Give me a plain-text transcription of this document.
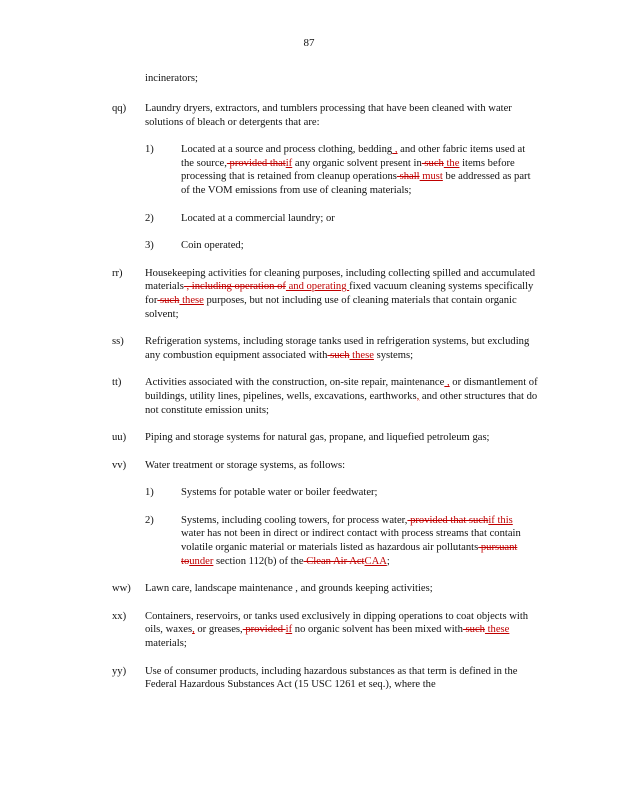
87
incinerators;
qq) Laundry dryers, extractors, and tumblers processing that have been cleaned with water solutions of bleach or detergents that are:
1)	Located at a source and process clothing, bedding , and other fabric items used at the source, provided thatif any organic solvent present in such the items before processing that is retained from cleanup operations shall must be addressed as part of the VOM emissions from use of cleaning materials;
2)	Located at a commercial laundry; or
3)	Coin operated;
rr) Housekeeping activities for cleaning purposes, including collecting spilled and accumulated materials , including operation of and operating fixed vacuum cleaning systems specifically for such these purposes, but not including use of cleaning materials that contain organic solvent;
ss) Refrigeration systems, including storage tanks used in refrigeration systems, but excluding any combustion equipment associated with such these systems;
tt) Activities associated with the construction, on-site repair, maintenance , or dismantlement of buildings, utility lines, pipelines, wells, excavations, earthworks, and other structures that do not constitute emission units;
uu) Piping and storage systems for natural gas, propane, and liquefied petroleum gas;
vv) Water treatment or storage systems, as follows:
1)	Systems for potable water or boiler feedwater;
2)	Systems, including cooling towers, for process water, provided that suchif this water has not been in direct or indirect contact with process streams that contain volatile organic material or materials listed as hazardous air pollutants pursuant tounder section 112(b) of the Clean Air ActCAA;
ww) Lawn care, landscape maintenance , and grounds keeping activities;
xx) Containers, reservoirs, or tanks used exclusively in dipping operations to coat objects with oils, waxes, or greases, provided if no organic solvent has been mixed with such these materials;
yy) Use of consumer products, including hazardous substances as that term is defined in the Federal Hazardous Substances Act (15 USC 1261 et seq.), where the
